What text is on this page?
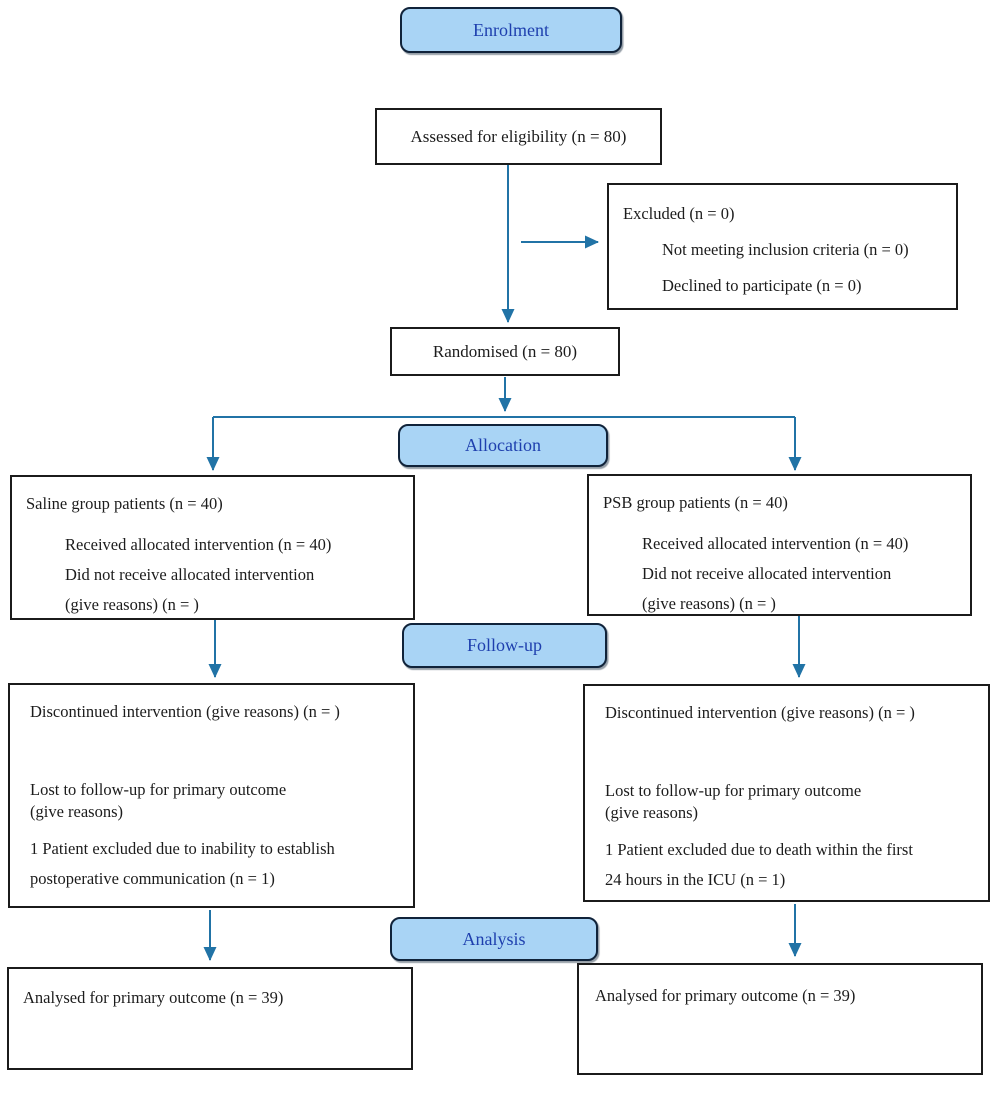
Enrolment
Allocation
Follow-up
Analysis
Assessed for eligibility (n = 80)
Excluded (n = 0)
Not meeting inclusion criteria (n = 0)
Declined to participate (n = 0)
Randomised (n = 80)
Saline group patients (n = 40)
Received allocated intervention (n = 40)
Did not receive allocated intervention
(give reasons) (n = )
PSB group patients (n = 40)
Received allocated intervention (n = 40)
Did not receive allocated intervention
(give reasons) (n = )
Discontinued intervention (give reasons) (n = )
Lost to follow-up for primary outcome
(give reasons)
1 Patient excluded due to inability to establish
postoperative communication (n = 1)
Discontinued intervention (give reasons) (n = )
Lost to follow-up for primary outcome
(give reasons)
1 Patient excluded due to death within the first
24 hours in the ICU (n = 1)
Analysed for primary outcome (n = 39)	Analysed for primary outcome (n = 39)
